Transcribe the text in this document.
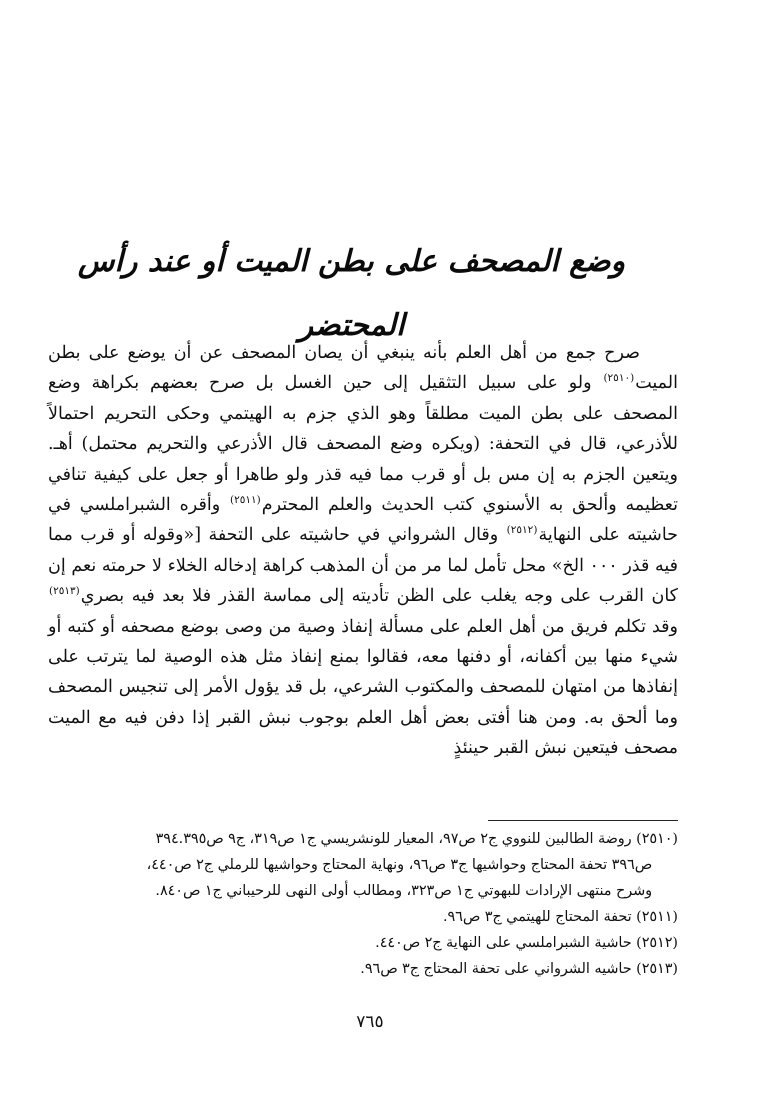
وضع المصحف على بطن الميت أو عند رأس المحتضر

صرح جمع من أهل العلم بأنه ينبغي أن يصان المصحف عن أن يوضع على بطن الميت$^{(٢٥١٠)}$ ولو على سبيل التثقيل إلى حين الغسل بل صرح بعضهم بكراهة وضع المصحف على بطن الميت مطلقاً وهو الذي جزم به الهيتمي وحكى التحريم احتمالاً للأذرعي، قال في التحفة: (ويكره وضع المصحف قال الأذرعي والتحريم محتمل) أهـ. ويتعين الجزم به إن مس بل أو قرب مما فيه قذر ولو طاهرا أو جعل على كيفية تنافي تعظيمه وألحق به الأسنوي كتب الحديث والعلم المحترم$^{(٢٥١١)}$ وأقره الشبراملسي في حاشيته على النهاية$^{(٢٥١٢)}$ وقال الشرواني في حاشيته على التحفة [«وقوله أو قرب مما فيه قذر ٠٠٠ الخ» محل تأمل لما مر من أن المذهب كراهة إدخاله الخلاء لا حرمته نعم إن كان القرب على وجه يغلب على الظن تأديته إلى مماسة القذر فلا بعد فيه بصري$^{(٢٥١٣)}$ وقد تكلم فريق من أهل العلم على مسألة إنفاذ وصية من وصى بوضع مصحفه أو كتبه أو شيء منها بين أكفانه، أو دفنها معه، فقالوا بمنع إنفاذ مثل هذه الوصية لما يترتب على إنفاذها من امتهان للمصحف والمكتوب الشرعي، بل قد يؤول الأمر إلى تنجيس المصحف وما ألحق به. ومن هنا أفتى بعض أهل العلم بوجوب نبش القبر إذا دفن فيه مع الميت مصحف فيتعين نبش القبر حينئذٍ

(٢٥١٠) روضة الطالبين للنووي ج٢ ص٩٧، المعيار للونشريسي ج١ ص٣١٩، ج٩ ص٣٩٤.٣٩٥
ص٣٩٦ تحفة المحتاج وحواشيها ج٣ ص٩٦، ونهاية المحتاج وحواشيها للرملي ج٢ ص٤٤٠،
وشرح منتهى الإرادات للبهوتي ج١ ص٣٢٣، ومطالب أولى النهى للرحيباني ج١ ص٨٤٠.
(٢٥١١) تحفة المحتاج للهيتمي ج٣ ص٩٦.
(٢٥١٢) حاشية الشبراملسي على النهاية ج٢ ص٤٤٠.
(٢٥١٣) حاشيه الشرواني على تحفة المحتاج ج٣ ص٩٦.
٧٦٥
